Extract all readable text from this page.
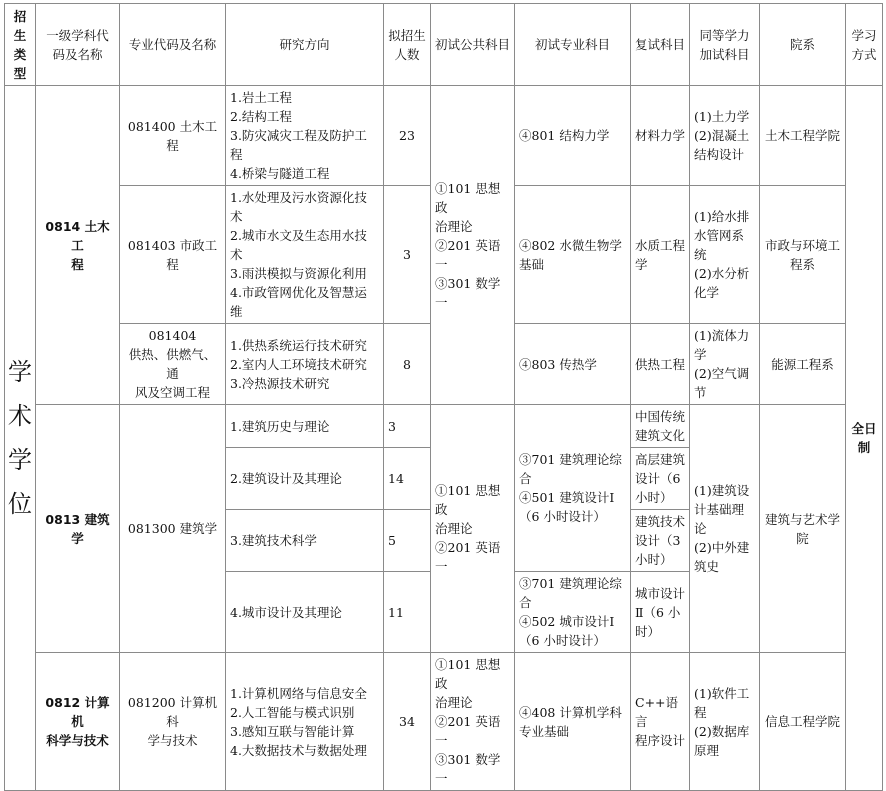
招
生
类
型	一级学科代
码及名称	专业代码及名称	研究方向	拟招生
人数	初试公共科目	初试专业科目	复试科目	同等学力
加试科目	院系	学习
方式

学
术
学
位	0814 土木工
程	081400 土木工程	1.岩土工程
2.结构工程
3.防灾减灾工程及防护工程
4.桥梁与隧道工程	23	①101 思想政
治理论
②201 英语一
③301 数学一	④801 结构力学	材料力学	(1)土力学
(2)混凝土
结构设计	土木工程学院	全日
制

		081403 市政工程	1.水处理及污水资源化技术
2.城市水文及生态用水技术
3.雨洪模拟与资源化利用
4.市政管网优化及智慧运维	3		④802 水微生物学
基础	水质工程
学	(1)给水排
水管网系
统
(2)水分析
化学	市政与环境工
程系	

		081404
供热、供燃气、通
风及空调工程	1.供热系统运行技术研究
2.室内人工环境技术研究
3.冷热源技术研究	8		④803 传热学	供热工程	(1)流体力
学
(2)空气调
节	能源工程系	

	0813 建筑学	081300 建筑学	1.建筑历史与理论	3	①101 思想政
治理论
②201 英语一	③701 建筑理论综
合
④501 建筑设计Ⅰ
（6 小时设计）	中国传统
建筑文化	(1)建筑设
计基础理
论
(2)中外建
筑史	建筑与艺术学
院	

			2.建筑设计及其理论	14			高层建筑
设计（6
小时）			

			3.建筑技术科学	5			建筑技术
设计（3
小时）			

			4.城市设计及其理论	11		③701 建筑理论综
合
④502 城市设计Ⅰ
（6 小时设计）	城市设计
Ⅱ（6 小
时）			

	0812 计算机
科学与技术	081200 计算机科
学与技术	1.计算机网络与信息安全
2.人工智能与模式识别
3.感知互联与智能计算
4.大数据技术与数据处理	34	①101 思想政
治理论
②201 英语一
③301 数学一	④408 计算机学科
专业基础	C++语言
程序设计	(1)软件工
程
(2)数据库
原理	信息工程学院	
